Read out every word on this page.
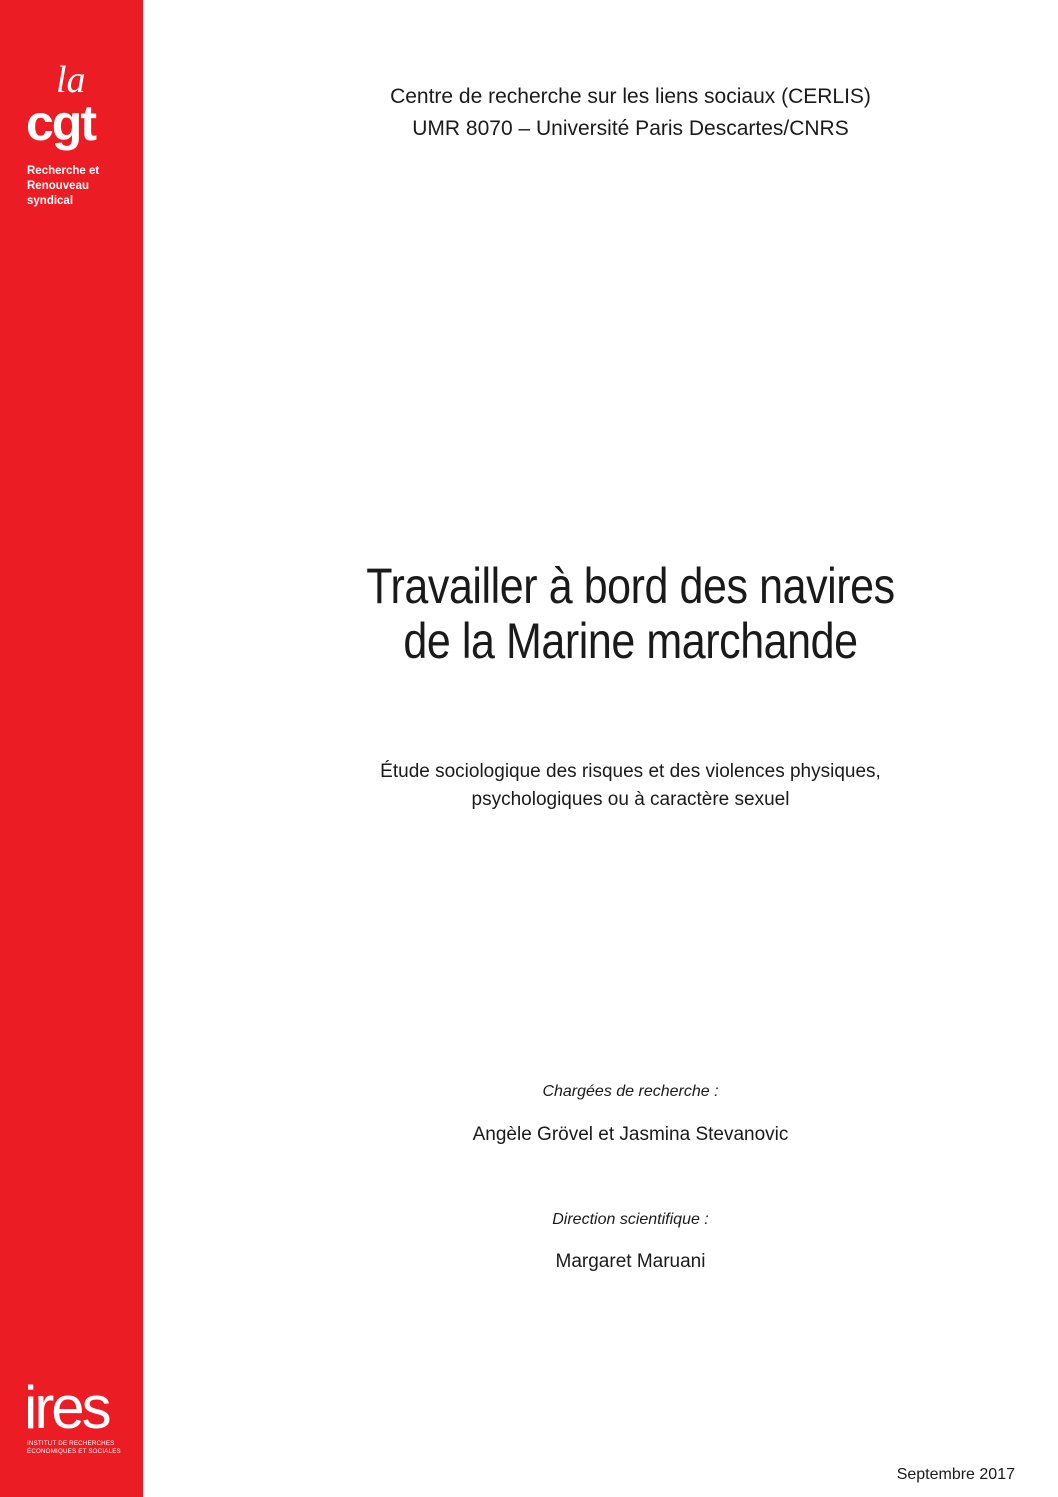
la
cgt
Recherche et
Renouveau
syndical
ires
INSTITUT DE RECHERCHES
ÉCONOMIQUES ET SOCIALES
Centre de recherche sur les liens sociaux (CERLIS)
UMR 8070 – Université Paris Descartes/CNRS
Travailler à bord des navires
de la Marine marchande
Étude sociologique des risques et des violences physiques,
psychologiques ou à caractère sexuel
Chargées de recherche :
Angèle Grövel et Jasmina Stevanovic
Direction scientifique :
Margaret Maruani
Septembre 2017
